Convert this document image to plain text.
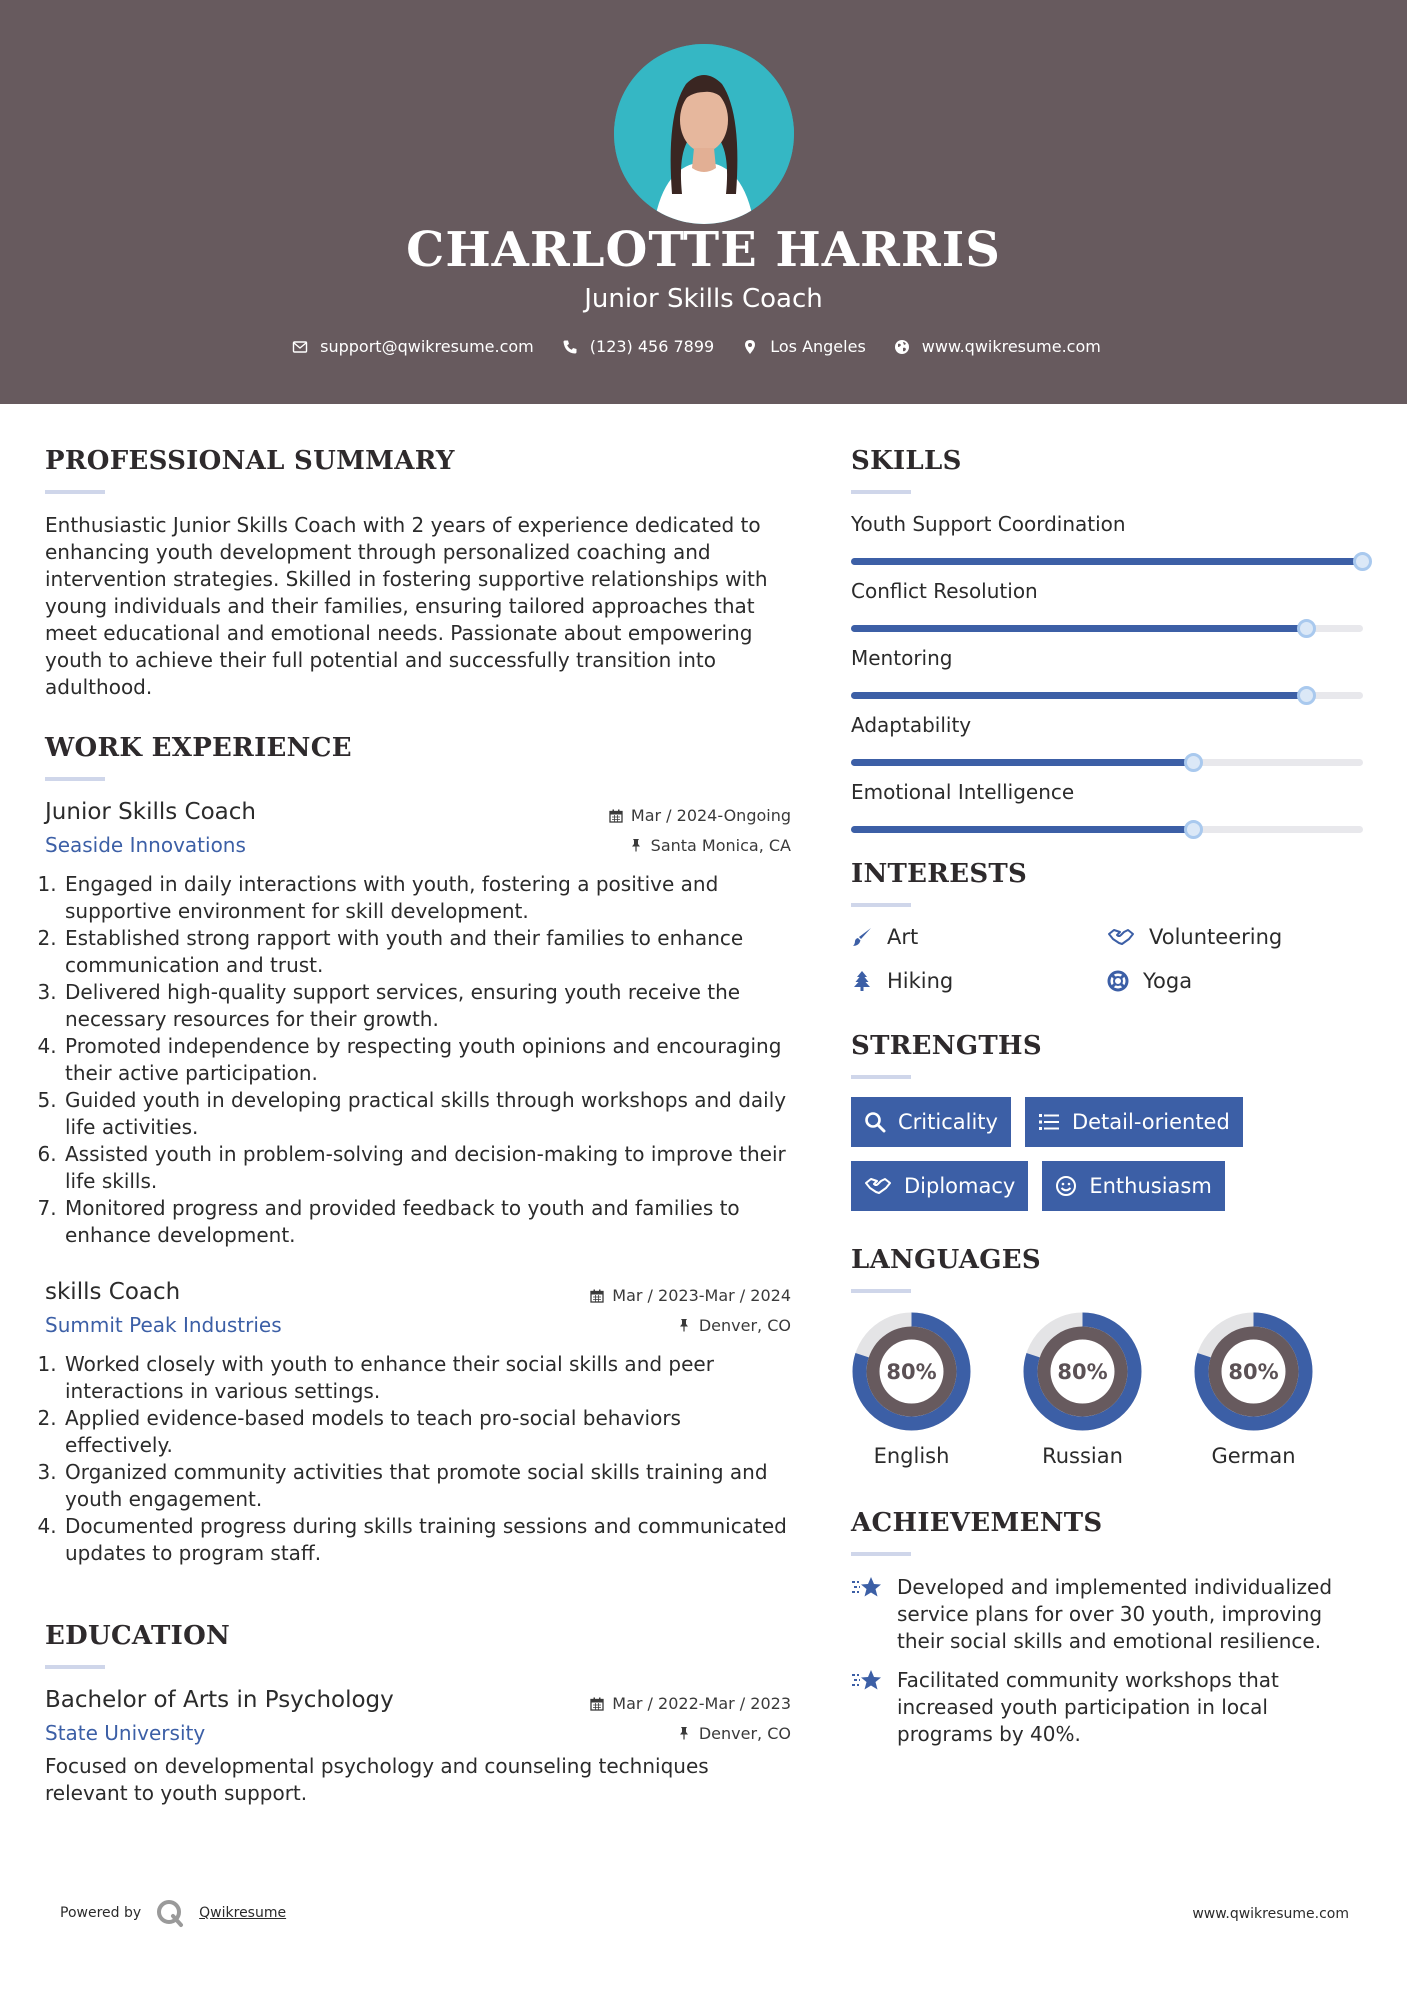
CHARLOTTE HARRIS
Junior Skills Coach
support@qwikresume.com	(123) 456 7899	Los Angeles	www.qwikresume.com
PROFESSIONAL SUMMARY
Enthusiastic Junior Skills Coach with 2 years of experience dedicated to enhancing youth development through personalized coaching and intervention strategies. Skilled in fostering supportive relationships with young individuals and their families, ensuring tailored approaches that meet educational and emotional needs. Passionate about empowering youth to achieve their full potential and successfully transition into adulthood.
WORK EXPERIENCE
Junior Skills Coach	Mar / 2024-Ongoing
Seaside Innovations	Santa Monica, CA
1. Engaged in daily interactions with youth, fostering a positive and supportive environment for skill development.
2. Established strong rapport with youth and their families to enhance communication and trust.
3. Delivered high-quality support services, ensuring youth receive the necessary resources for their growth.
4. Promoted independence by respecting youth opinions and encouraging their active participation.
5. Guided youth in developing practical skills through workshops and daily life activities.
6. Assisted youth in problem-solving and decision-making to improve their life skills.
7. Monitored progress and provided feedback to youth and families to enhance development.
skills Coach	Mar / 2023-Mar / 2024
Summit Peak Industries	Denver, CO
1. Worked closely with youth to enhance their social skills and peer interactions in various settings.
2. Applied evidence-based models to teach pro-social behaviors effectively.
3. Organized community activities that promote social skills training and youth engagement.
4. Documented progress during skills training sessions and communicated updates to program staff.
EDUCATION
Bachelor of Arts in Psychology	Mar / 2022-Mar / 2023
State University	Denver, CO
Focused on developmental psychology and counseling techniques relevant to youth support.
SKILLS
Youth Support Coordination
Conflict Resolution
Mentoring
Adaptability
Emotional Intelligence
INTERESTS
Art	Volunteering
Hiking	Yoga
STRENGTHS
Criticality	Detail-oriented
Diplomacy	Enthusiasm
LANGUAGES
80%
English
80%
Russian
80%
German
ACHIEVEMENTS
Developed and implemented individualized service plans for over 30 youth, improving their social skills and emotional resilience.
Facilitated community workshops that increased youth participation in local programs by 40%.
Powered by	Qwikresume	www.qwikresume.com
